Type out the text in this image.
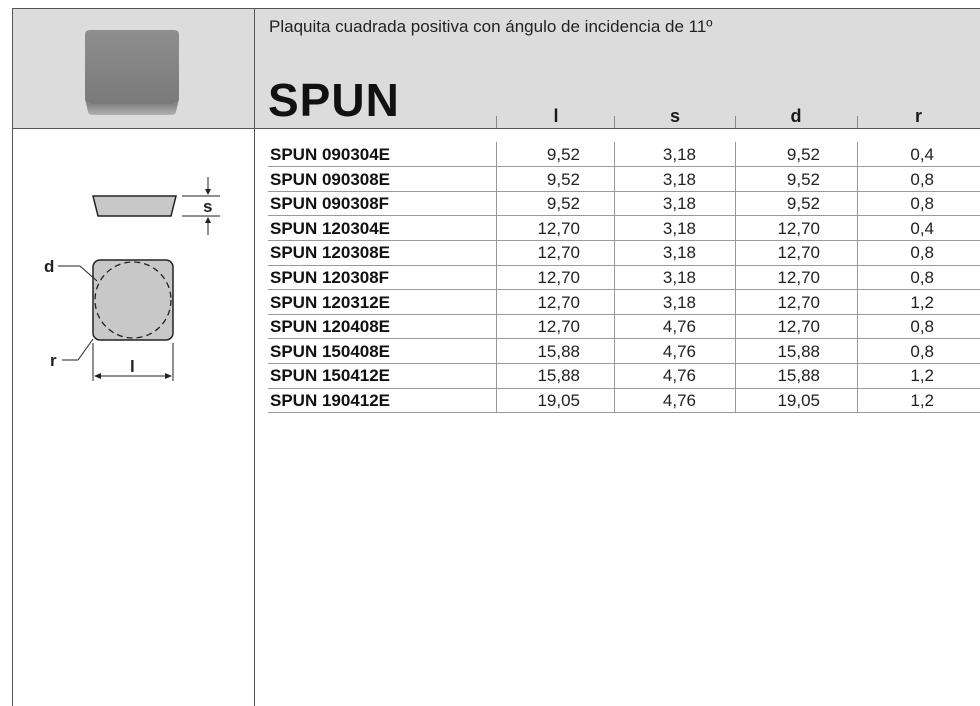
Plaquita cuadrada positiva con ángulo de incidencia de 11º
SPUN	l	s	d	r
SPUN 090304E	9,52	3,18	9,52	0,4
SPUN 090308E	9,52	3,18	9,52	0,8
SPUN 090308F	9,52	3,18	9,52	0,8
SPUN 120304E	12,70	3,18	12,70	0,4
SPUN 120308E	12,70	3,18	12,70	0,8
SPUN 120308F	12,70	3,18	12,70	0,8
SPUN 120312E	12,70	3,18	12,70	1,2
SPUN 120408E	12,70	4,76	12,70	0,8
SPUN 150408E	15,88	4,76	15,88	0,8
SPUN 150412E	15,88	4,76	15,88	1,2
SPUN 190412E	19,05	4,76	19,05	1,2
s
d
r	l
